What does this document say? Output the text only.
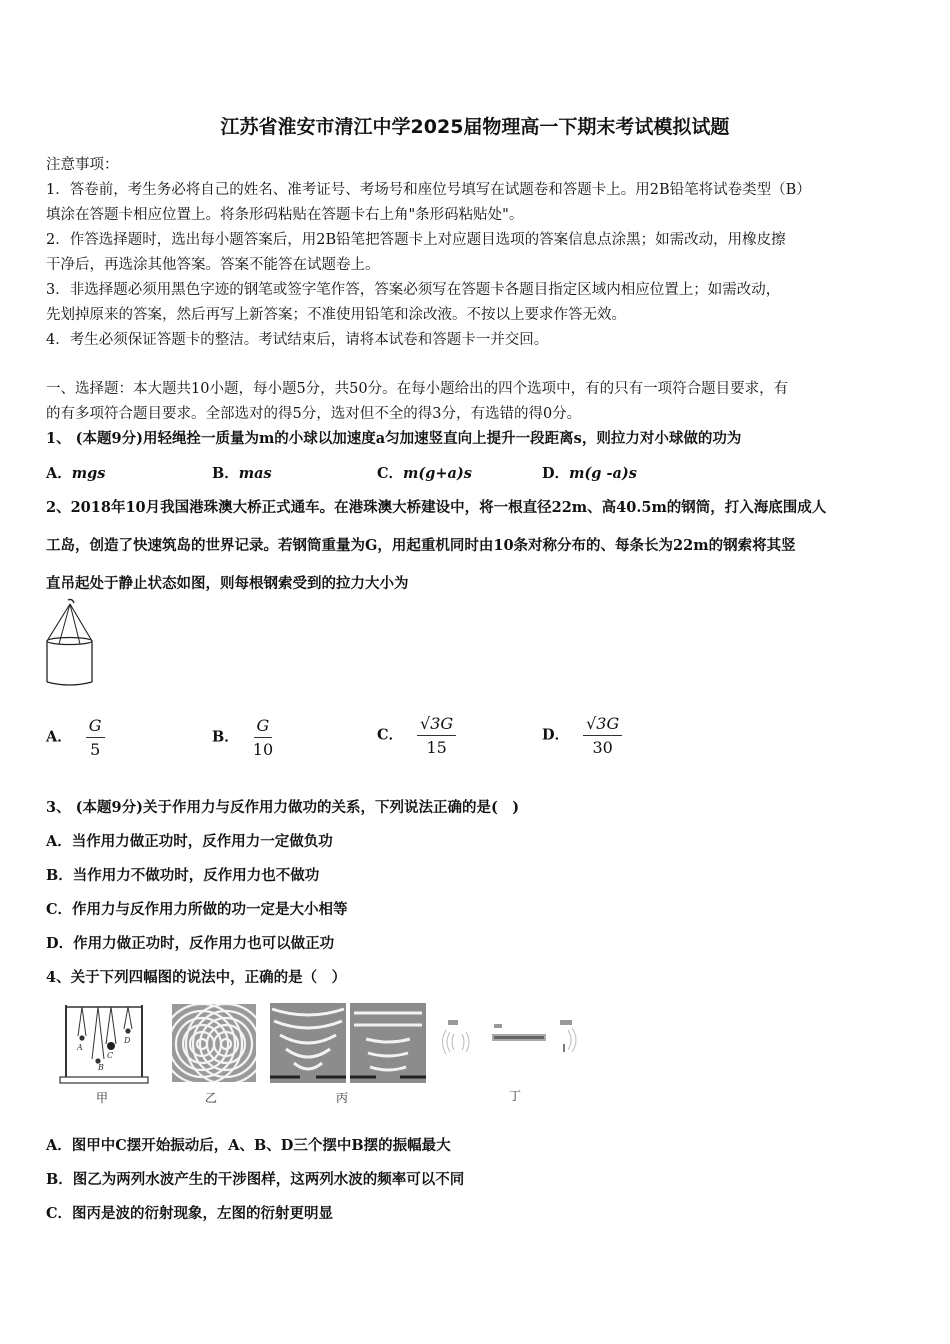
江苏省淮安市清江中学2025届物理高一下期末考试模拟试题
注意事项：
1．答卷前，考生务必将自己的姓名、准考证号、考场号和座位号填写在试题卷和答题卡上。用2B铅笔将试卷类型（B）
填涂在答题卡相应位置上。将条形码粘贴在答题卡右上角"条形码粘贴处"。
2．作答选择题时，选出每小题答案后，用2B铅笔把答题卡上对应题目选项的答案信息点涂黑；如需改动，用橡皮擦
干净后，再选涂其他答案。答案不能答在试题卷上。
3．非选择题必须用黑色字迹的钢笔或签字笔作答，答案必须写在答题卡各题目指定区域内相应位置上；如需改动，
先划掉原来的答案，然后再写上新答案；不准使用铅笔和涂改液。不按以上要求作答无效。
4．考生必须保证答题卡的整洁。考试结束后，请将本试卷和答题卡一并交回。
一、选择题：本大题共10小题，每小题5分，共50分。在每小题给出的四个选项中，有的只有一项符合题目要求，有
的有多项符合题目要求。全部选对的得5分，选对但不全的得3分，有选错的得0分。
1、 (本题9分)用轻绳拴一质量为m的小球以加速度a匀加速竖直向上提升一段距离s，则拉力对小球做的功为
A．mgs	B．mas	C．m(g+a)s	D．m(g -a)s
2、2018年10月我国港珠澳大桥正式通车。在港珠澳大桥建设中，将一根直径22m、高40.5m的钢筒，打入海底围成人
工岛，创造了快速筑岛的世界记录。若钢筒重量为G，用起重机同时由10条对称分布的、每条长为22m的钢索将其竖
直吊起处于静止状态如图，则每根钢索受到的拉力大小为
A． $\frac{G}{5}$	B． $\frac{G}{10}$	C． $\frac{√3G}{15}$	D． $\frac{√3G}{30}$
3、 (本题9分)关于作用力与反作用力做功的关系，下列说法正确的是(　)
A．当作用力做正功时，反作用力一定做负功
B．当作用力不做功时，反作用力也不做功
C．作用力与反作用力所做的功一定是大小相等
D．作用力做正功时，反作用力也可以做正功
4、关于下列四幅图的说法中，正确的是（　）
A
B
C
D
甲	乙	丙	丁
A．图甲中C摆开始振动后，A、B、D三个摆中B摆的振幅最大
B．图乙为两列水波产生的干涉图样，这两列水波的频率可以不同
C．图丙是波的衍射现象，左图的衍射更明显
